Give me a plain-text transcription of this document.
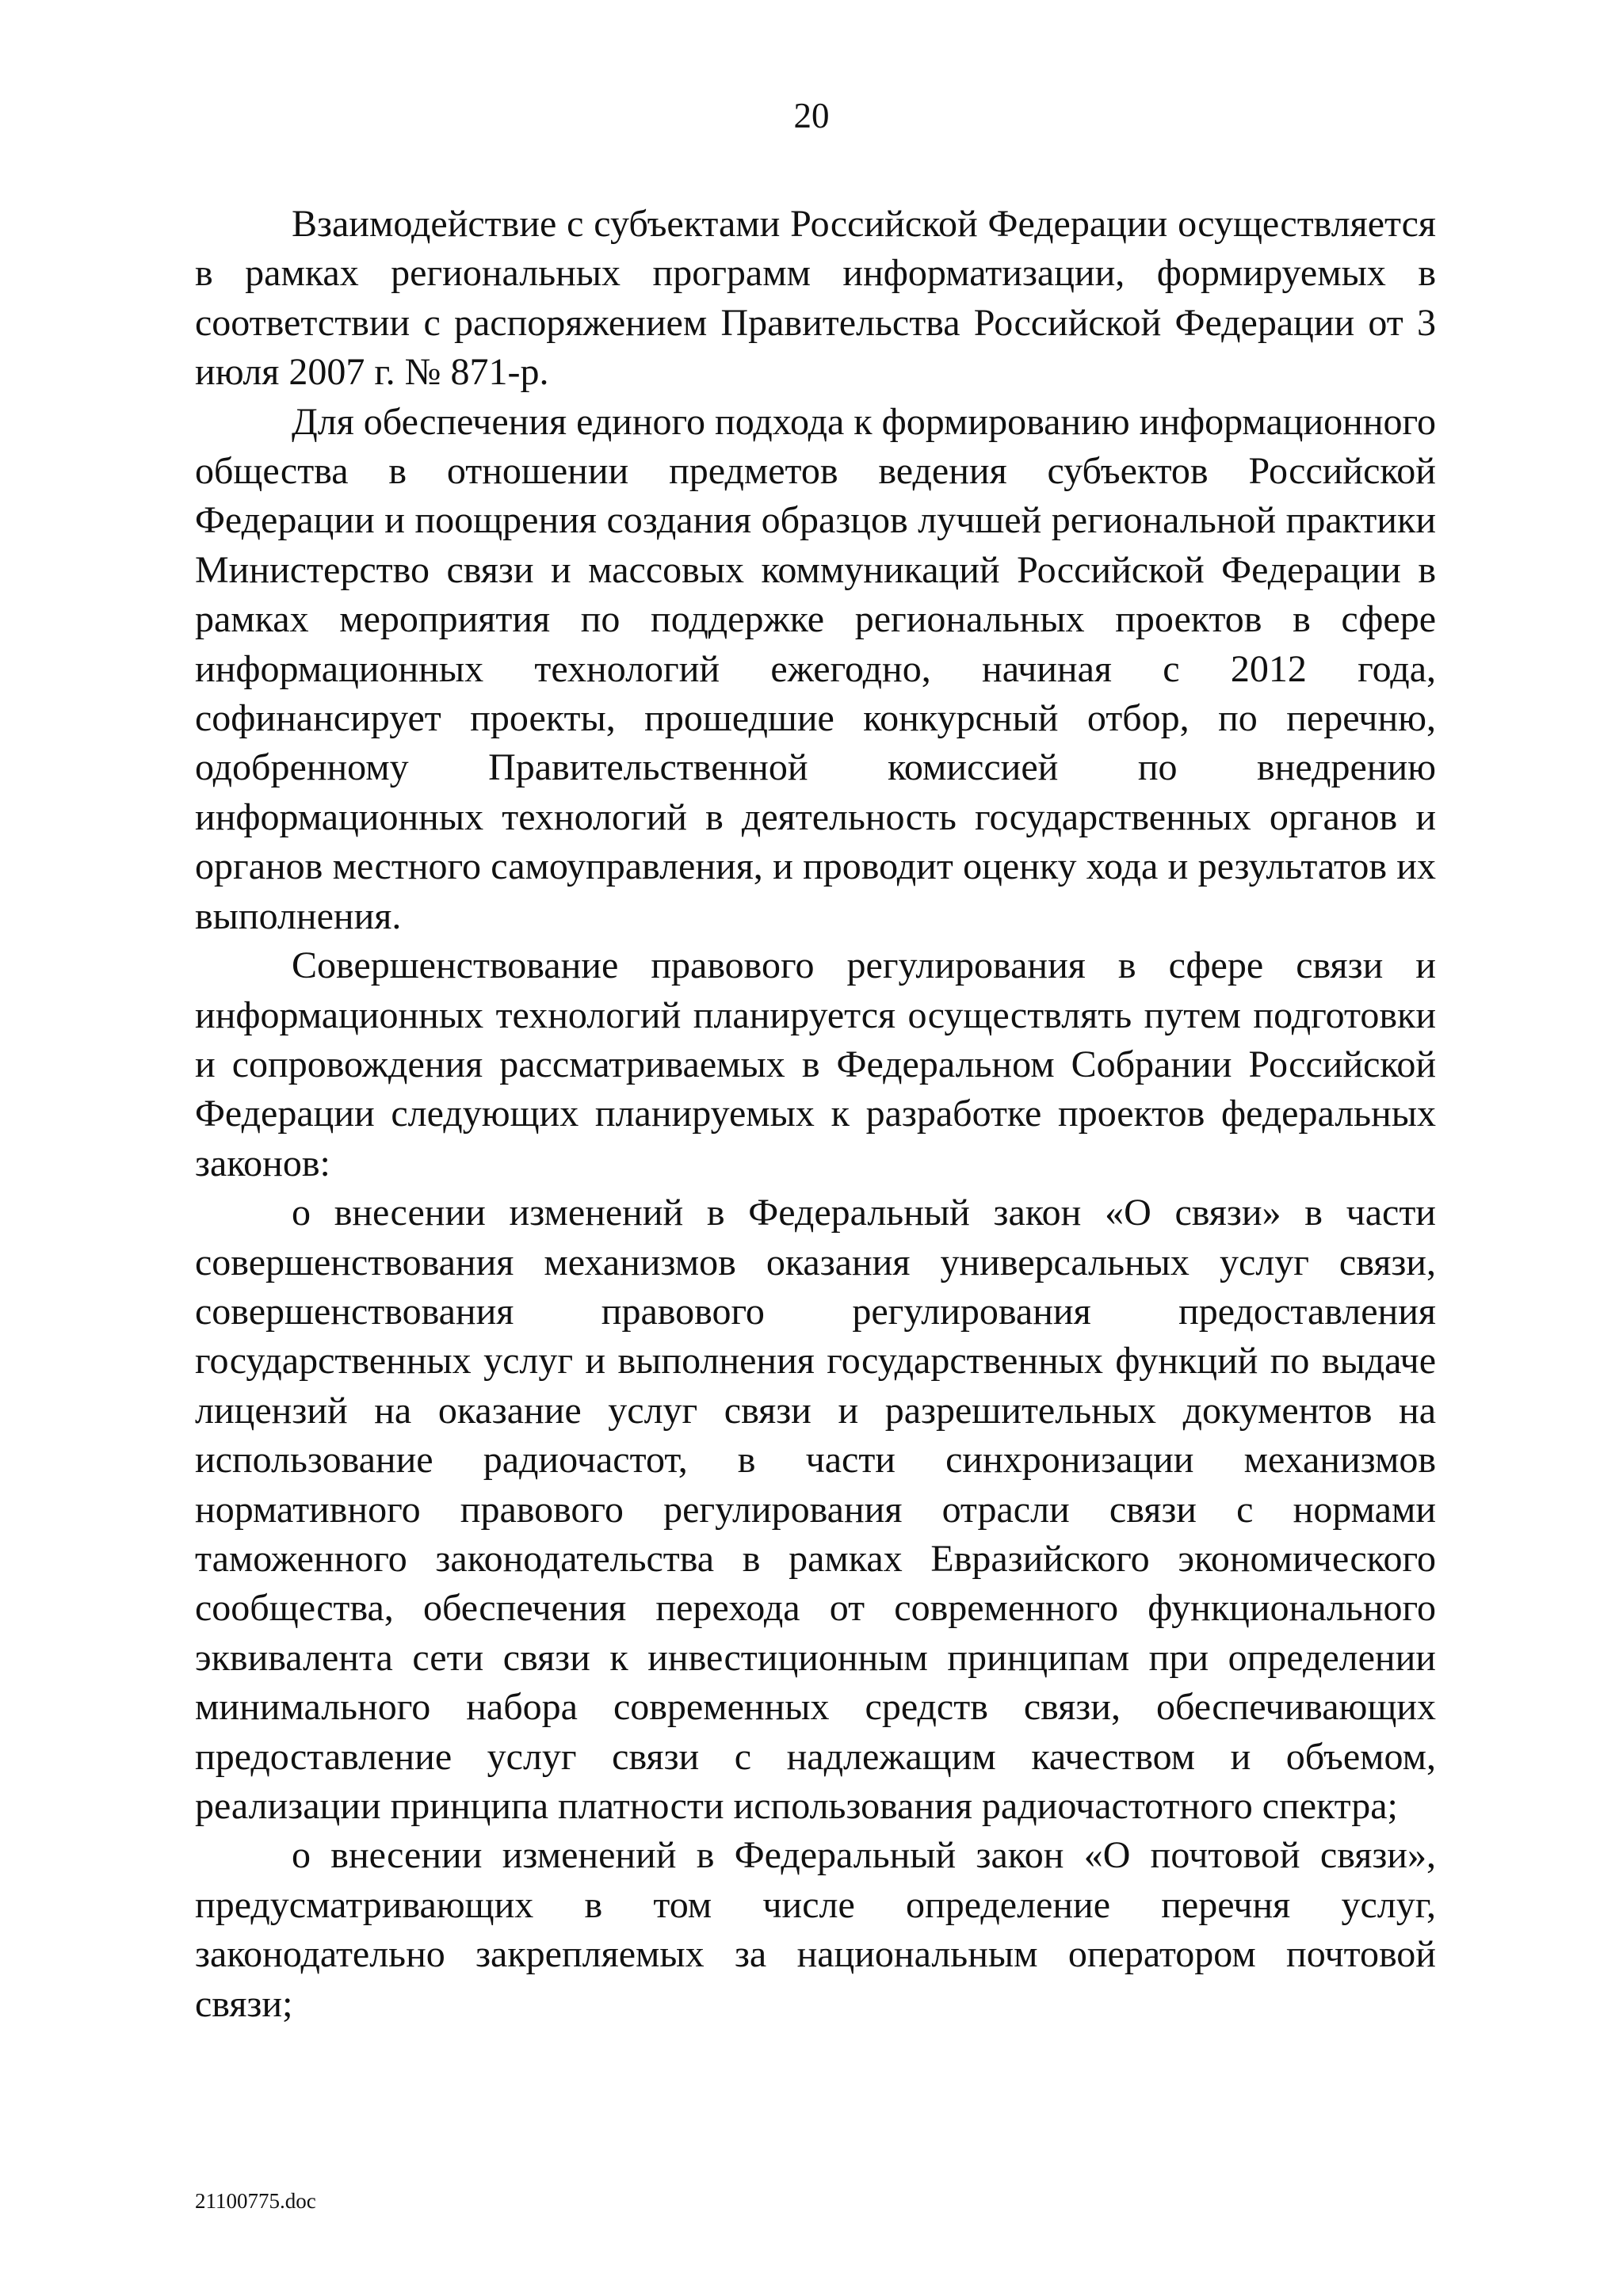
20

Взаимодействие с субъектами Российской Федерации осуществляется в рамках региональных программ информатизации, формируемых в соответствии с распоряжением Правительства Российской Федерации от 3 июля 2007 г. № 871-р.

Для обеспечения единого подхода к формированию информационного общества в отношении предметов ведения субъектов Российской Федерации и поощрения создания образцов лучшей региональной практики Министерство связи и массовых коммуникаций Российской Федерации в рамках мероприятия по поддержке региональных проектов в сфере информационных технологий ежегодно, начиная с 2012 года, софинансирует проекты, прошедшие конкурсный отбор, по перечню, одобренному Правительственной комиссией по внедрению информационных технологий в деятельность государственных органов и органов местного самоуправления, и проводит оценку хода и результатов их выполнения.

Совершенствование правового регулирования в сфере связи и информационных технологий планируется осуществлять путем подготовки и сопровождения рассматриваемых в Федеральном Собрании Российской Федерации следующих планируемых к разработке проектов федеральных законов:

о внесении изменений в Федеральный закон «О связи» в части совершенствования механизмов оказания универсальных услуг связи, совершенствования правового регулирования предоставления государственных услуг и выполнения государственных функций по выдаче лицензий на оказание услуг связи и разрешительных документов на использование радиочастот, в части синхронизации механизмов нормативного правового регулирования отрасли связи с нормами таможенного законодательства в рамках Евразийского экономического сообщества, обеспечения перехода от современного функционального эквивалента сети связи к инвестиционным принципам при определении минимального набора современных средств связи, обеспечивающих предоставление услуг связи с надлежащим качеством и объемом, реализации принципа платности использования радиочастотного спектра;

о внесении изменений в Федеральный закон «О почтовой связи», предусматривающих в том числе определение перечня услуг, законодательно закрепляемых за национальным оператором почтовой связи;

21100775.doc
